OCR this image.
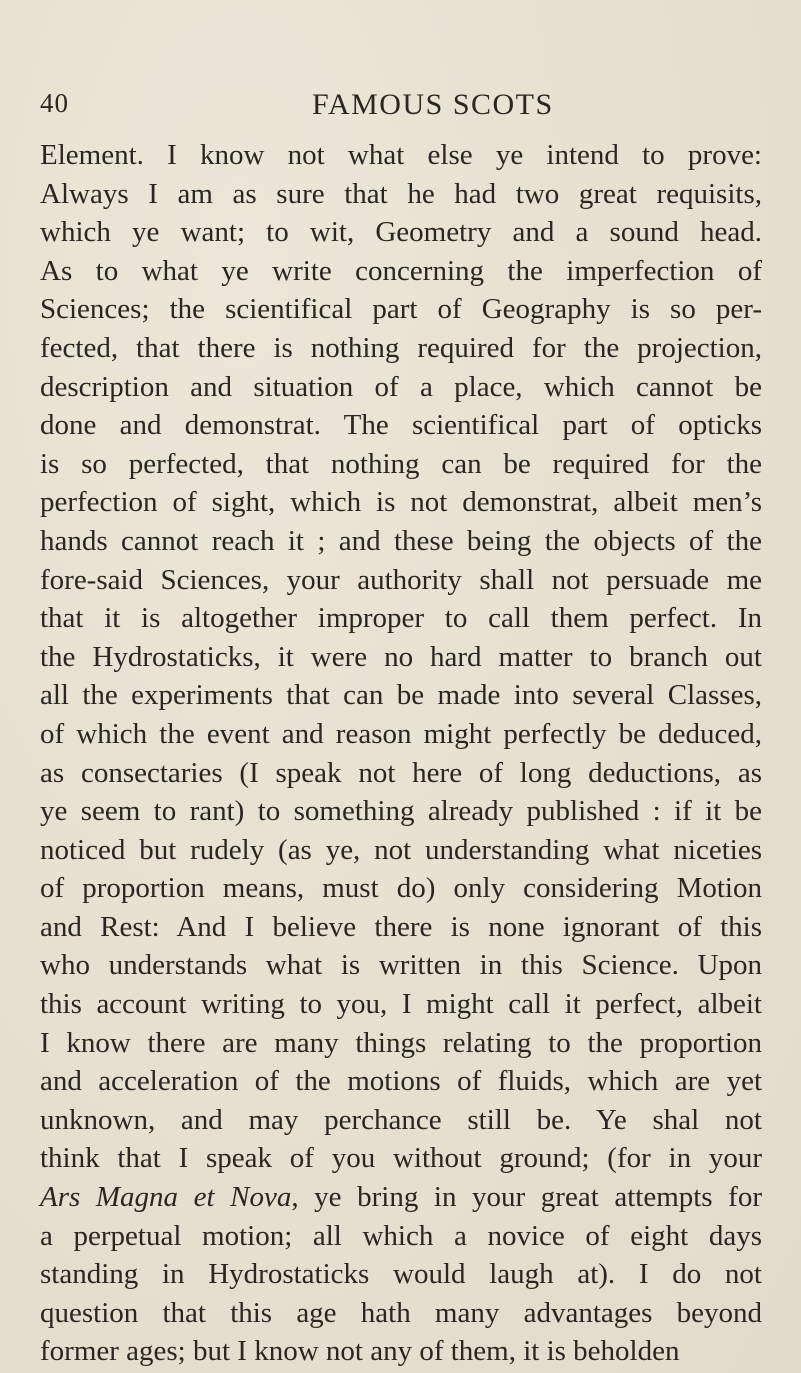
40	FAMOUS SCOTS
Element. I know not what else ye intend to prove:
Always I am as sure that he had two great requisits,
which ye want; to wit, Geometry and a sound head.
As to what ye write concerning the imperfection of
Sciences; the scientifical part of Geography is so per-
fected, that there is nothing required for the projection,
description and situation of a place, which cannot be
done and demonstrat. The scientifical part of opticks
is so perfected, that nothing can be required for the
perfection of sight, which is not demonstrat, albeit men’s
hands cannot reach it ; and these being the objects of the
fore-said Sciences, your authority shall not persuade me
that it is altogether improper to call them perfect. In
the Hydrostaticks, it were no hard matter to branch out
all the experiments that can be made into several Classes,
of which the event and reason might perfectly be deduced,
as consectaries (I speak not here of long deductions, as
ye seem to rant) to something already published : if it be
noticed but rudely (as ye, not understanding what niceties
of proportion means, must do) only considering Motion
and Rest: And I believe there is none ignorant of this
who understands what is written in this Science. Upon
this account writing to you, I might call it perfect, albeit
I know there are many things relating to the proportion
and acceleration of the motions of fluids, which are yet
unknown, and may perchance still be. Ye shal not
think that I speak of you without ground; (for in your
Ars Magna et Nova, ye bring in your great attempts for
a perpetual motion; all which a novice of eight days
standing in Hydrostaticks would laugh at). I do not
question that this age hath many advantages beyond
former ages; but I know not any of them, it is beholden
